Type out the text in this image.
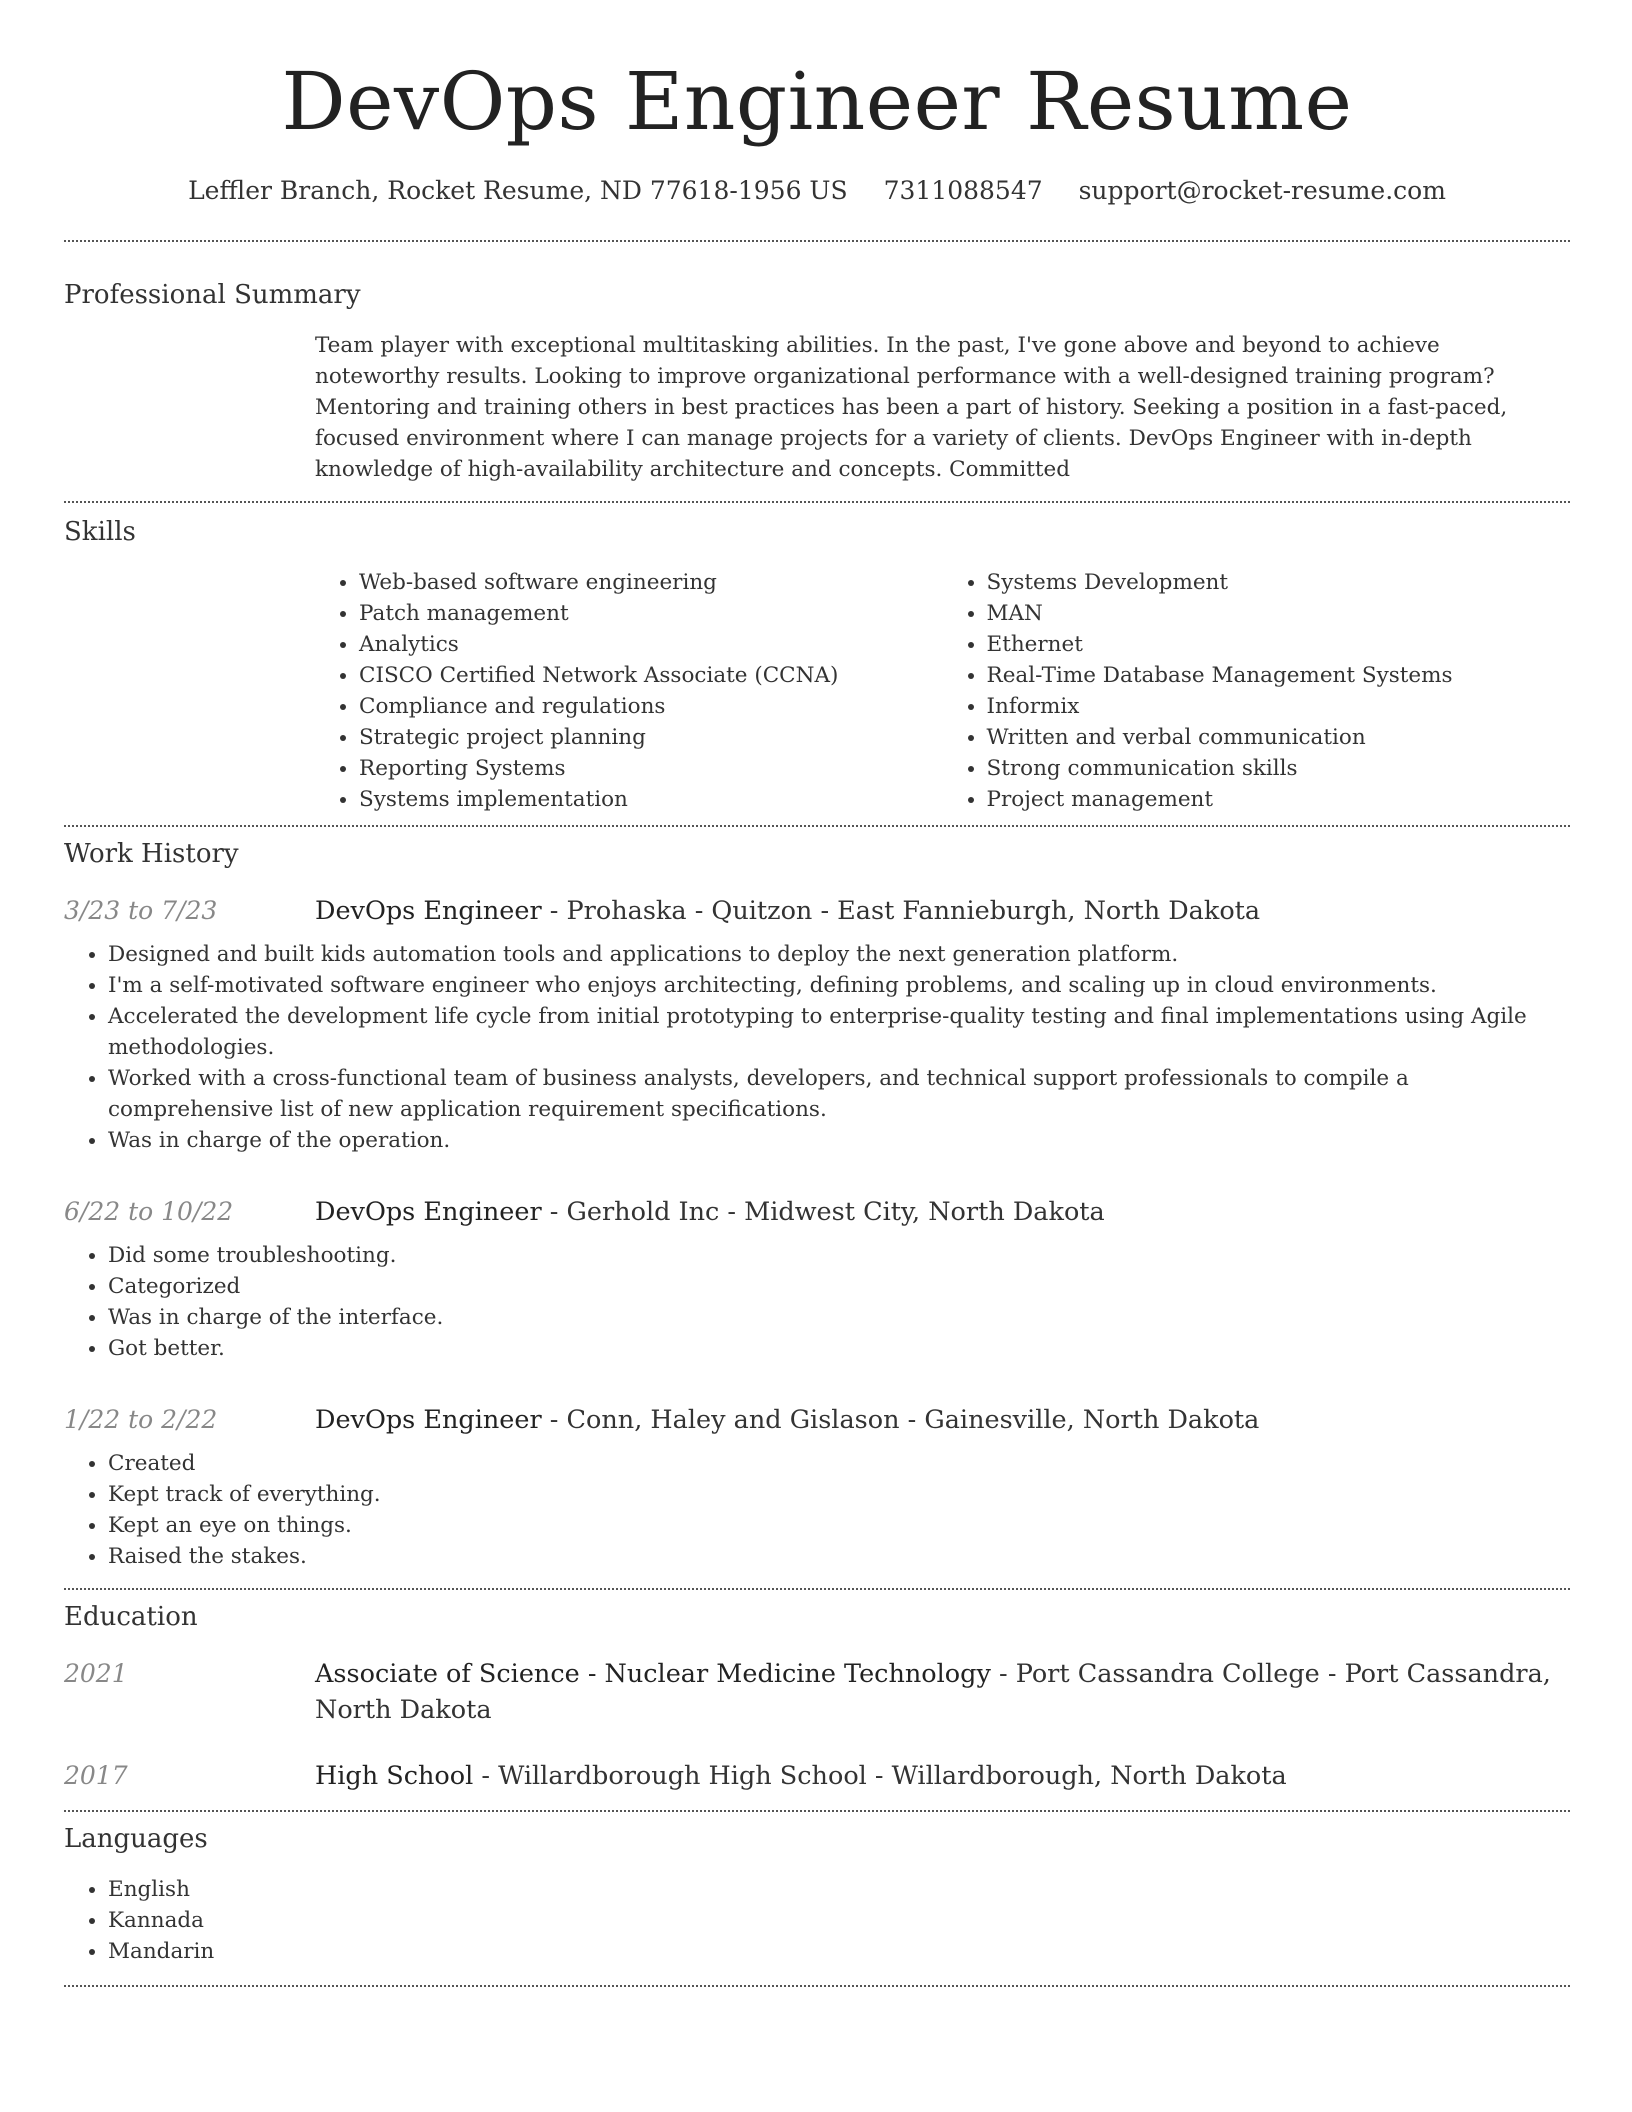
DevOps Engineer Resume
Leffler Branch, Rocket Resume, ND 77618-1956 US 7311088547 support@rocket-resume.com
Professional Summary
Team player with exceptional multitasking abilities. In the past, I've gone above and beyond to achieve noteworthy results. Looking to improve organizational performance with a well-designed training program? Mentoring and training others in best practices has been a part of history. Seeking a position in a fast-paced, focused environment where I can manage projects for a variety of clients. DevOps Engineer with in-depth knowledge of high-availability architecture and concepts. Committed
Skills
• Web-based software engineering
• Patch management
• Analytics
• CISCO Certified Network Associate (CCNA)
• Compliance and regulations
• Strategic project planning
• Reporting Systems
• Systems implementation
• Systems Development
• MAN
• Ethernet
• Real-Time Database Management Systems
• Informix
• Written and verbal communication
• Strong communication skills
• Project management
Work History
3/23 to 7/23	DevOps Engineer - Prohaska - Quitzon - East Fannieburgh, North Dakota
• Designed and built kids automation tools and applications to deploy the next generation platform.
• I'm a self-motivated software engineer who enjoys architecting, defining problems, and scaling up in cloud environments.
• Accelerated the development life cycle from initial prototyping to enterprise-quality testing and final implementations using Agile methodologies.
• Worked with a cross-functional team of business analysts, developers, and technical support professionals to compile a comprehensive list of new application requirement specifications.
• Was in charge of the operation.
6/22 to 10/22	DevOps Engineer - Gerhold Inc - Midwest City, North Dakota
• Did some troubleshooting.
• Categorized
• Was in charge of the interface.
• Got better.
1/22 to 2/22	DevOps Engineer - Conn, Haley and Gislason - Gainesville, North Dakota
• Created
• Kept track of everything.
• Kept an eye on things.
• Raised the stakes.
Education
2021	Associate of Science - Nuclear Medicine Technology - Port Cassandra College - Port Cassandra, North Dakota
2017	High School - Willardborough High School - Willardborough, North Dakota
Languages
• English
• Kannada
• Mandarin
